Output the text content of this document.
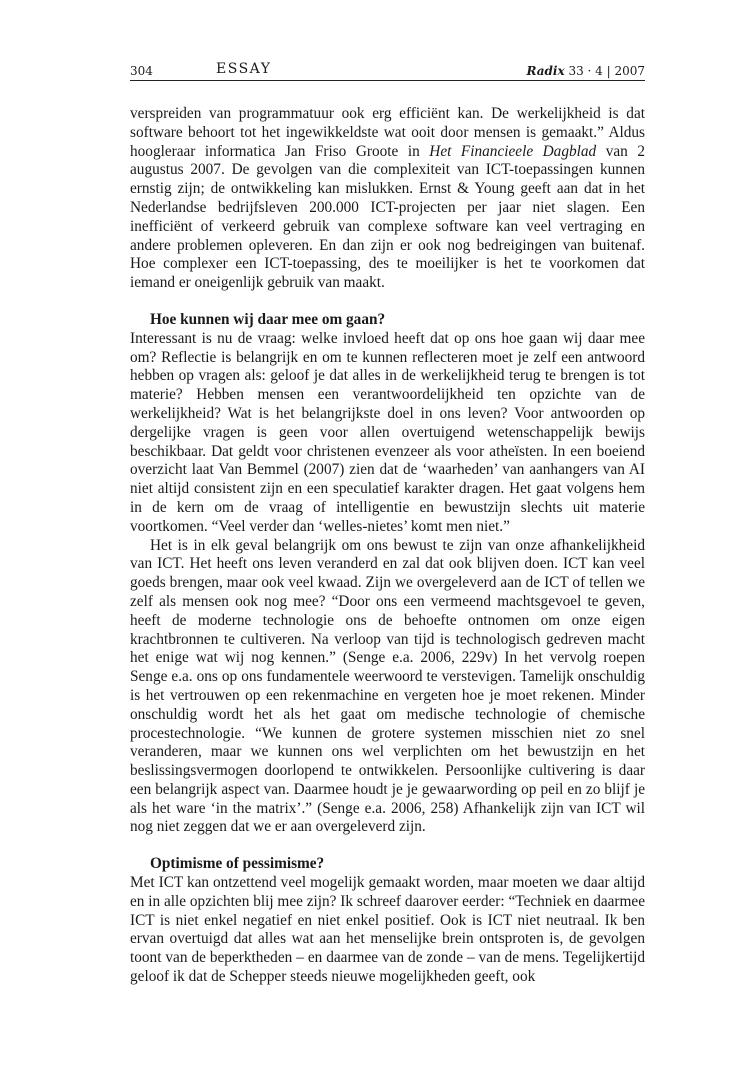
304	ESSAY	Radix 33 · 4 | 2007

verspreiden van programmatuur ook erg efficiënt kan. De werkelijkheid is dat software behoort tot het ingewikkeldste wat ooit door mensen is gemaakt.” Aldus hoogleraar informatica Jan Friso Groote in Het Financieele Dagblad van 2 augustus 2007. De gevolgen van die complexiteit van ICT-toepassingen kunnen ernstig zijn; de ontwikkeling kan mislukken. Ernst & Young geeft aan dat in het Nederlandse bedrijfsleven 200.000 ICT-projecten per jaar niet slagen. Een inefficiënt of verkeerd gebruik van complexe software kan veel vertraging en andere problemen opleveren. En dan zijn er ook nog bedreigingen van buitenaf. Hoe complexer een ICT-toepassing, des te moeilijker is het te voorkomen dat iemand er oneigenlijk gebruik van maakt.

Hoe kunnen wij daar mee om gaan?

Interessant is nu de vraag: welke invloed heeft dat op ons hoe gaan wij daar mee om? Reflectie is belangrijk en om te kunnen reflecteren moet je zelf een antwoord hebben op vragen als: geloof je dat alles in de werkelijkheid terug te brengen is tot materie? Hebben mensen een verantwoordelijkheid ten opzichte van de werkelijkheid? Wat is het belangrijkste doel in ons leven? Voor antwoorden op dergelijke vragen is geen voor allen overtuigend wetenschappelijk bewijs beschikbaar. Dat geldt voor christenen evenzeer als voor atheïsten. In een boeiend overzicht laat Van Bemmel (2007) zien dat de ‘waarheden’ van aanhangers van AI niet altijd consistent zijn en een speculatief karakter dragen. Het gaat volgens hem in de kern om de vraag of intelligentie en bewustzijn slechts uit materie voortkomen. “Veel verder dan ‘welles-nietes’ komt men niet.”

Het is in elk geval belangrijk om ons bewust te zijn van onze afhankelijkheid van ICT. Het heeft ons leven veranderd en zal dat ook blijven doen. ICT kan veel goeds brengen, maar ook veel kwaad. Zijn we overgeleverd aan de ICT of tellen we zelf als mensen ook nog mee? “Door ons een vermeend machtsgevoel te geven, heeft de moderne technologie ons de behoefte ontnomen om onze eigen krachtbronnen te cultiveren. Na verloop van tijd is technologisch gedreven macht het enige wat wij nog kennen.” (Senge e.a. 2006, 229v) In het vervolg roepen Senge e.a. ons op ons fundamentele weerwoord te verstevigen. Tamelijk onschuldig is het vertrouwen op een rekenmachine en vergeten hoe je moet rekenen. Minder onschuldig wordt het als het gaat om medische technologie of chemische procestechnologie. “We kunnen de grotere systemen misschien niet zo snel veranderen, maar we kunnen ons wel verplichten om het bewustzijn en het beslissingsvermogen doorlopend te ontwikkelen. Persoonlijke cultivering is daar een belangrijk aspect van. Daarmee houdt je je gewaarwording op peil en zo blijf je als het ware ‘in the matrix’.” (Senge e.a. 2006, 258) Afhankelijk zijn van ICT wil nog niet zeggen dat we er aan overgeleverd zijn.

Optimisme of pessimisme?

Met ICT kan ontzettend veel mogelijk gemaakt worden, maar moeten we daar altijd en in alle opzichten blij mee zijn? Ik schreef daarover eerder: “Techniek en daarmee ICT is niet enkel negatief en niet enkel positief. Ook is ICT niet neutraal. Ik ben ervan overtuigd dat alles wat aan het menselijke brein ontsproten is, de gevolgen toont van de beperktheden – en daarmee van de zonde – van de mens. Tegelijkertijd geloof ik dat de Schepper steeds nieuwe mogelijkheden geeft, ook
